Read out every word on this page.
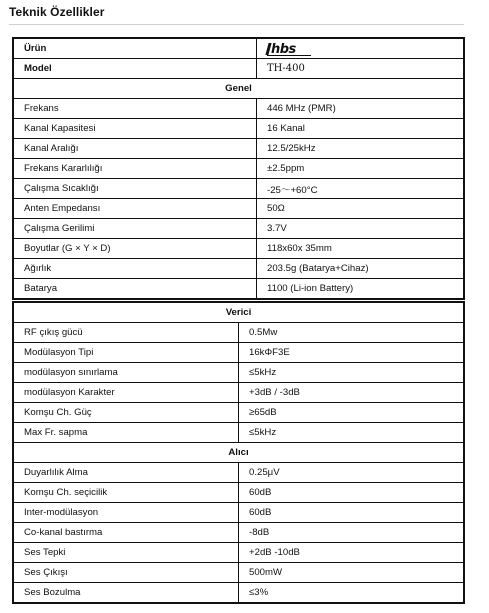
Teknik Özellikler
Ürün	hbs

Model	TH-400
Genel	
Frekans	446 MHz (PMR)
Kanal Kapasitesi	16 Kanal
Kanal Aralığı	12.5/25kHz
Frekans Kararlılığı	±2.5ppm
Çalışma Sıcaklığı	-25～+60°C
Anten Empedansı	50Ω
Çalışma Gerilimi	3.7V
Boyutlar (G × Y × D)	118x60x 35mm
Ağırlık	203.5g (Batarya+Cihaz)
Batarya	1100 (Li-ion Battery)
Verici	
RF çıkış gücü	0.5Mw
Modülasyon Tipi	16kΦF3E
modülasyon sınırlama	≤5kHz
modülasyon Karakter	+3dB / -3dB
Komşu Ch. Güç	≥65dB
Max Fr. sapma	≤5kHz
Alıcı	
Duyarlılık Alma	0.25μV
Komşu Ch. seçicilik	60dB
Inter-modülasyon	60dB
Co-kanal bastırma	-8dB
Ses Tepki	+2dB -10dB
Ses Çıkışı	500mW
Ses Bozulma	≤3%
